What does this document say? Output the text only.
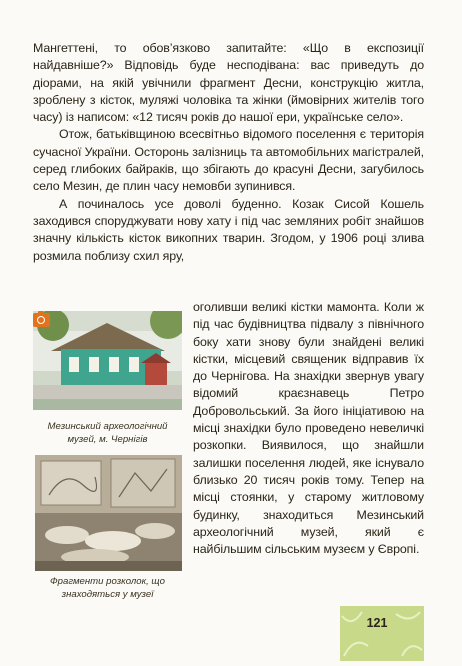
Мангеттені, то обов’язково запитайте: «Що в експозиції найдавніше?» Відповідь буде несподівана: вас приведуть до діорами, на якій увічнили фрагмент Десни, конструкцію житла, зроблену з кісток, муляжі чоловіка та жінки (ймовірних жителів того часу) із написом: «12 тисяч років до нашої ери, українське село».

Отож, батьківщиною всесвітньо відомого поселення є територія сучасної України. Осторонь залізниць та автомобільних магістралей, серед глибоких байраків, що збігають до красуні Десни, загубилось село Мезин, де плин часу немовби зупинився.

А починалось усе доволі буденно. Козак Сисой Кошель заходився споруджувати нову хату і під час земляних робіт знайшов значну кількість кісток викопних тварин. Згодом, у 1906 році злива розмила поблизу схил яру,

оголивши великі кістки мамонта. Коли ж під час будівництва підвалу з північного боку хати знову були знайдені великі кістки, місцевий священик відправив їх до Чернігова. На знахідки звернув увагу відомий краєзнавець Петро Добровольський. За його ініціативою на місці знахідки було проведено невеличкі розкопки. Виявилося, що знайшли залишки поселення людей, яке існувало близько 20 тисяч років тому. Тепер на місці стоянки, у старому житловому будинку, знаходиться Мезинський археологічний музей, який є найбільшим сільським музеєм у Європі.

Мезинський археологічний музей, м. Чернігів
Фрагменти розколок, що знаходяться у музеї
121
